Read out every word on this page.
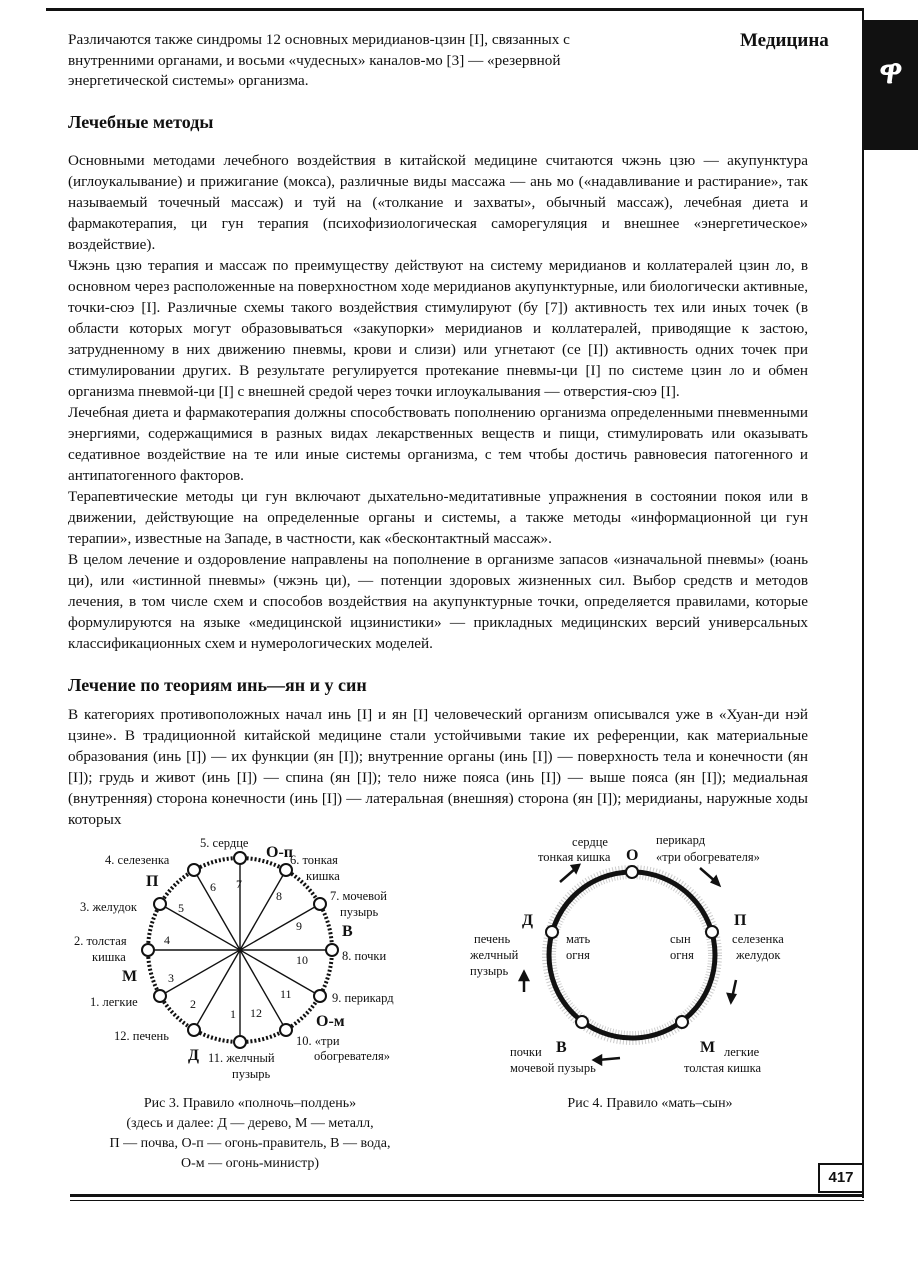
ዋ
Медицина
Различаются также синдромы 12 основных меридианов-цзин [I], связанных с внутренними органами, и восьми «чудесных» каналов-мо [3] — «резервной энергетической системы» организма.
Лечебные методы

Основными методами лечебного воздействия в китайской медицине считаются чжэнь цзю — акупунктура (иглоукалывание) и прижигание (мокса), различные виды массажа — ань мо («надавливание и растирание», так называемый точечный массаж) и туй на («толкание и захваты», обычный массаж), лечебная диета и фармакотерапия, ци гун терапия (психофизиологическая саморегуляция и внешнее «энергетическое» воздействие).

Чжэнь цзю терапия и массаж по преимуществу действуют на систему меридианов и коллатералей цзин ло, в основном через расположенные на поверхностном ходе меридианов акупунктурные, или биологически активные, точки-сюэ [I]. Различные схемы такого воздействия стимулируют (бу [7]) активность тех или иных точек (в области которых могут образовываться «закупорки» меридианов и коллатералей, приводящие к застою, затрудненному в них движению пневмы, крови и слизи) или угнетают (се [I]) активность одних точек при стимулировании других. В результате регулируется протекание пневмы-ци [I] по системе цзин ло и обмен организма пневмой-ци [I] с внешней средой через точки иглоукалывания — отверстия-сюэ [I].

Лечебная диета и фармакотерапия должны способствовать пополнению организма определенными пневменными энергиями, содержащимися в разных видах лекарственных веществ и пищи, стимулировать или оказывать седативное воздействие на те или иные системы организма, с тем чтобы достичь равновесия патогенного и антипатогенного факторов.

Терапевтические методы ци гун включают дыхательно-медитативные упражнения в состоянии покоя или в движении, действующие на определенные органы и системы, а также методы «информационной ци гун терапии», известные на Западе, в частности, как «бесконтактный массаж».

В целом лечение и оздоровление направлены на пополнение в организме запасов «изначальной пневмы» (юань ци), или «истинной пневмы» (чжэнь ци), — потенции здоровых жизненных сил. Выбор средств и методов лечения, в том числе схем и способов воздействия на акупунктурные точки, определяется правилами, которые формулируются на языке «медицинской ицзинистики» — прикладных медицинских версий универсальных классификационных схем и нумерологических моделей.

Лечение по теориям инь—ян и у син

В категориях противоположных начал инь [I] и ян [I] человеческий организм описывался уже в «Хуан-ди нэй цзине». В традиционной китайской медицине стали устойчивыми такие их референции, как материальные образования (инь [I]) — их функции (ян [I]); внутренние органы (инь [I]) — поверхность тела и конечности (ян [I]); грудь и живот (инь [I]) — спина (ян [I]); тело ниже пояса (инь [I]) — выше пояса (ян [I]); медиальная (внутренняя) сторона конечности (инь [I]) — латеральная (внешняя) сторона (ян [I]); меридианы, наружные ходы которых

6 7
8
9
10
11
12
1
2
3
4
5
5. сердце
О-п
4. селезенка
П
6. тонкая
кишка
7. мочевой
пузырь
3. желудок
В
2. толстая
кишка	8. почки
М
1. легкие	9. перикард
О-м
12. печень	10. «три
обогревателя»
Д 11. желчный
пузырь
Рис 3. Правило «полночь–полдень»
(здесь и далее: Д — дерево, М — металл,
П — почва, О-п — огонь-правитель, В — вода,
О-м — огонь-министр)
сердце
тонкая кишка О
перикард
«три обогревателя»
Д	П
печень
желчный
пузырь
мать
огня
сын
огня
селезенка
желудок
В	М
почки
мочевой пузырь
легкие
толстая кишка
Рис 4. Правило «мать–сын»
417
